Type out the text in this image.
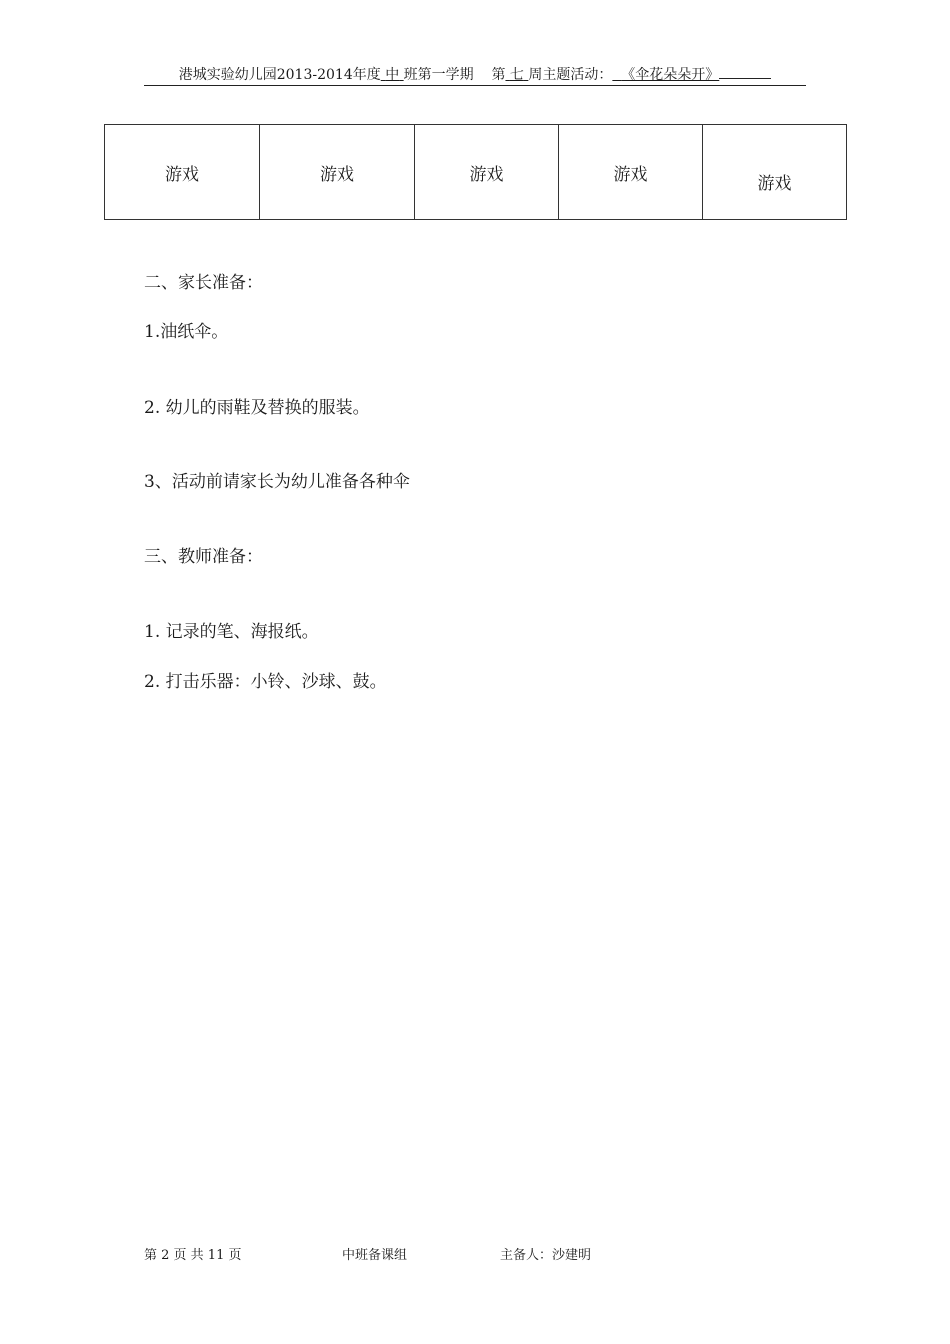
港城实验幼儿园2013-2014年度 中 班第一学期 第 七 周主题活动： 《伞花朵朵开》
游戏	游戏	游戏	游戏	游戏
二、家长准备：
1.油纸伞。
2. 幼儿的雨鞋及替换的服装。
3、活动前请家长为幼儿准备各种伞
三、教师准备：
1. 记录的笔、海报纸。
2. 打击乐器：小铃、沙球、鼓。
第 2 页 共 11 页	中班备课组	主备人：沙建明
